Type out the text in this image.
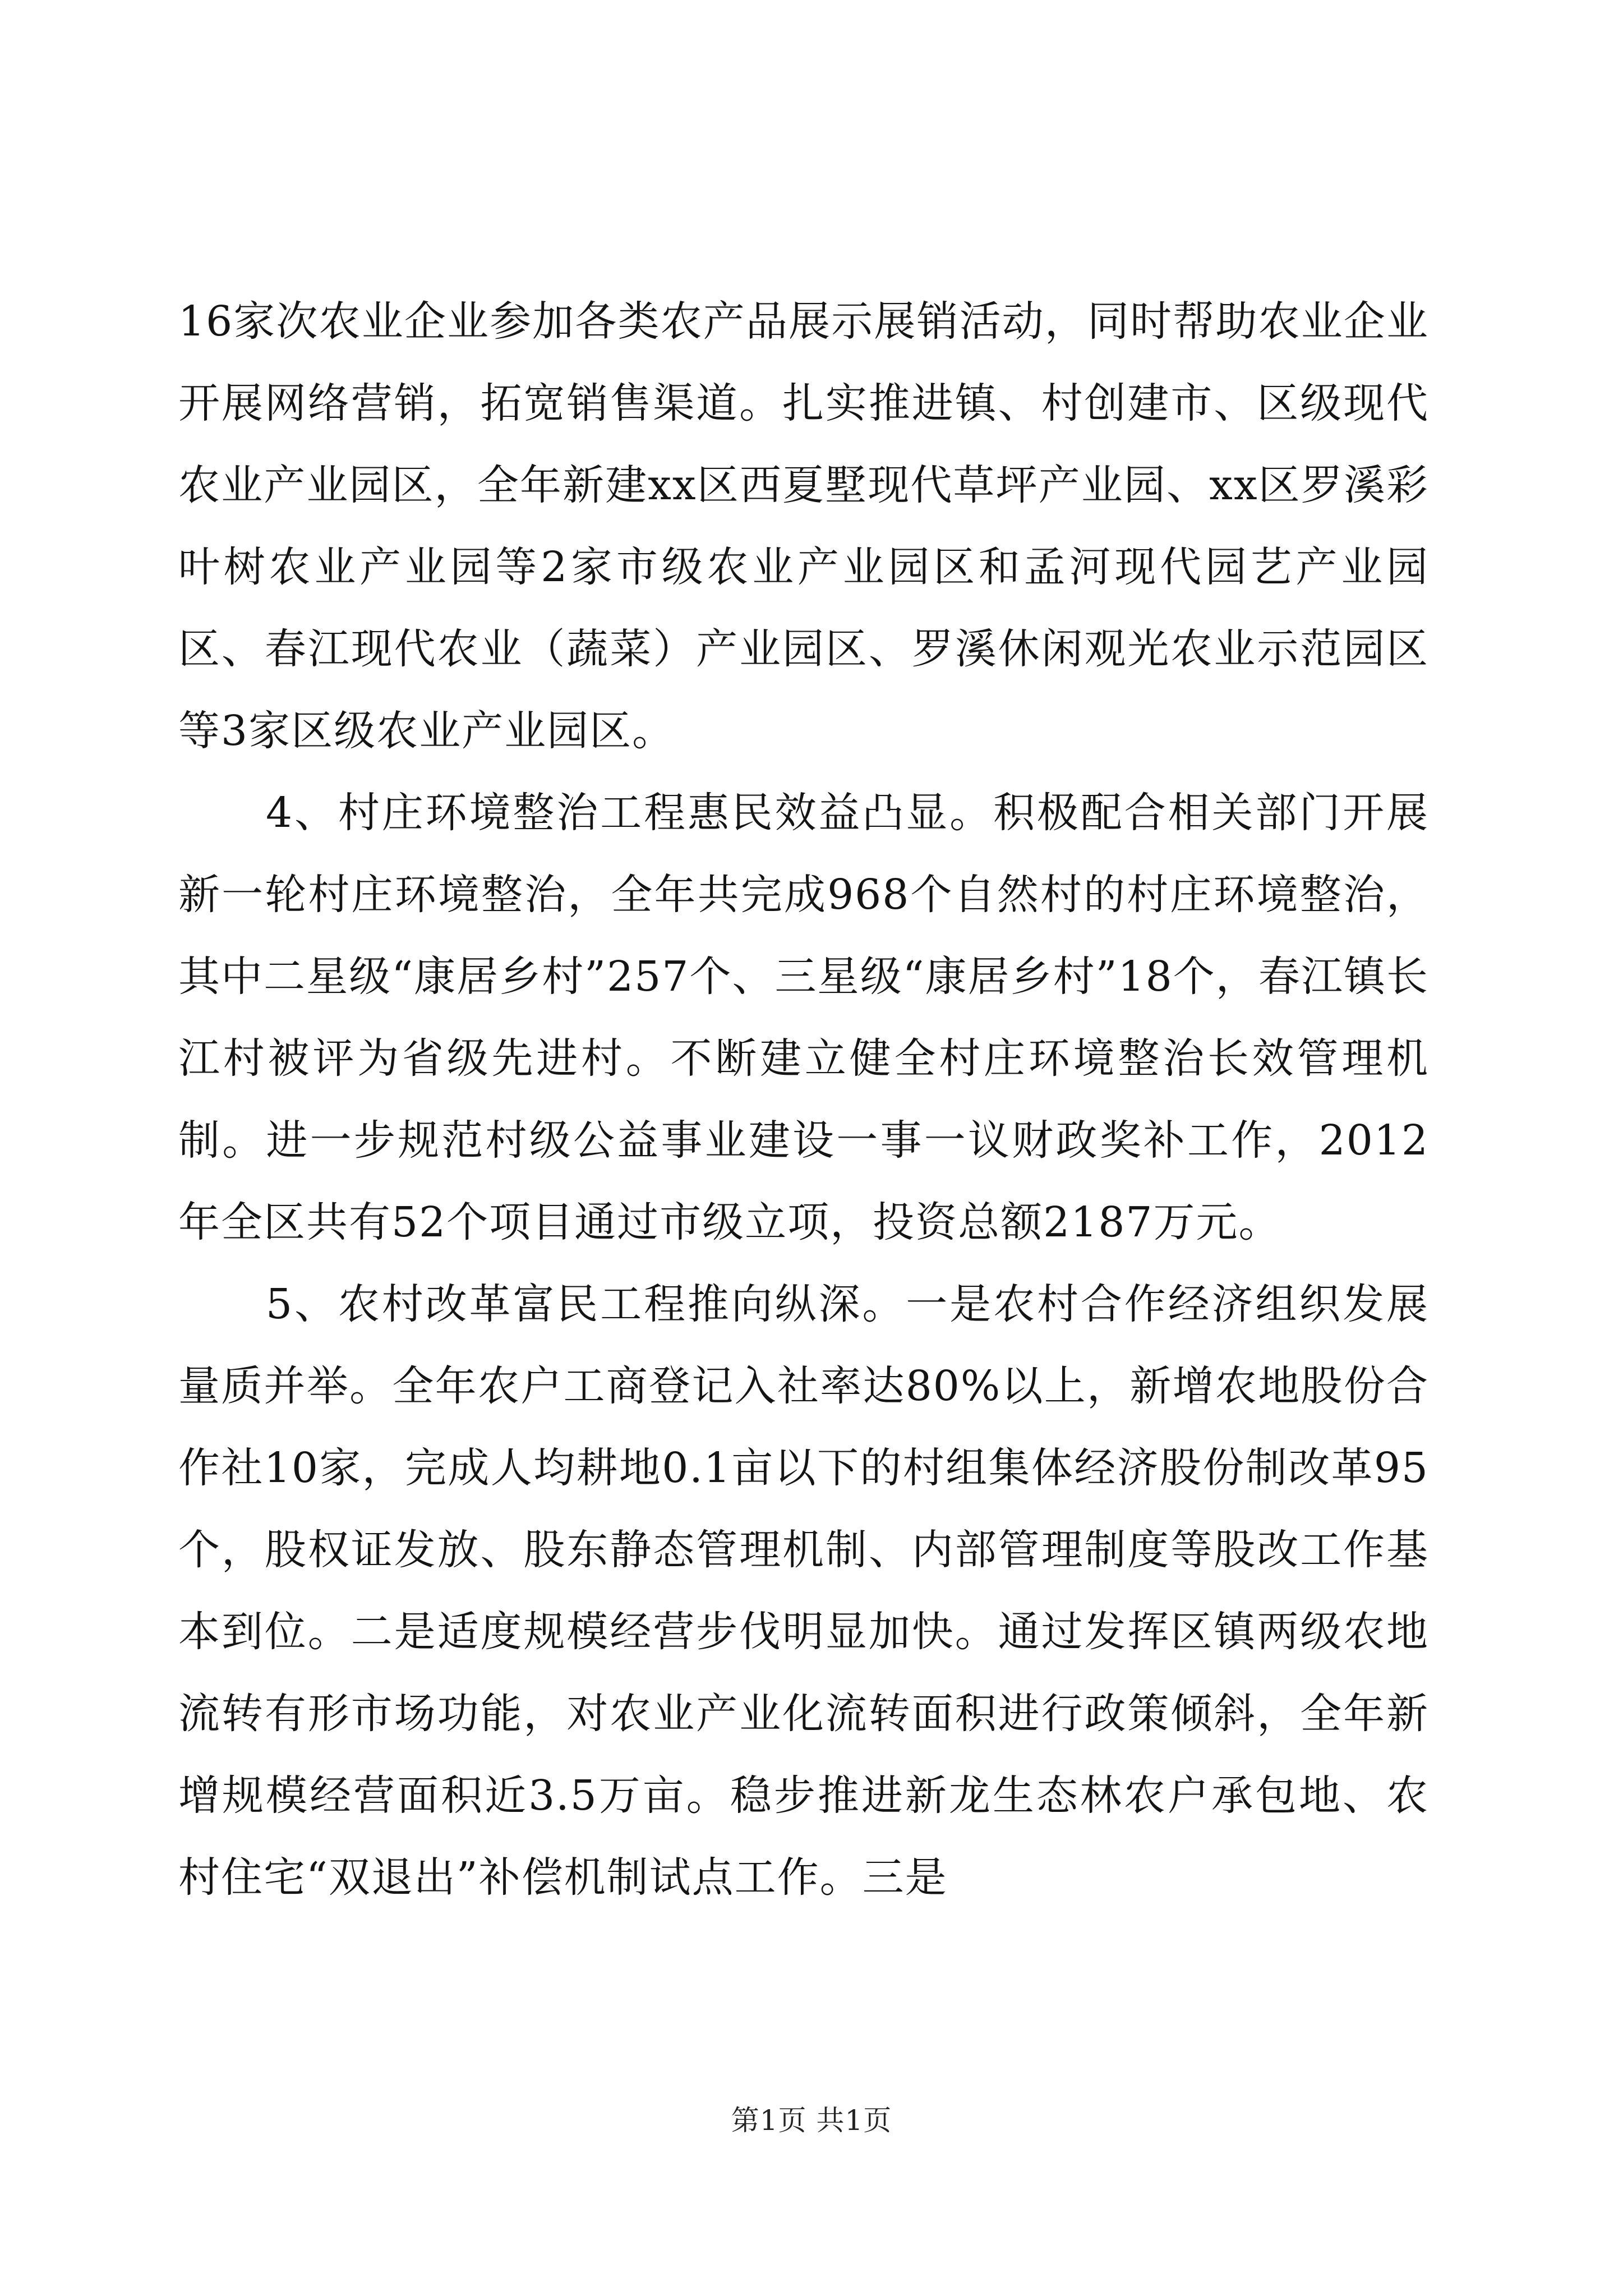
16家次农业企业参加各类农产品展示展销活动，同时帮助农业企业开展网络营销，拓宽销售渠道。扎实推进镇、村创建市、区级现代农业产业园区，全年新建xx区西夏墅现代草坪产业园、xx区罗溪彩叶树农业产业园等2家市级农业产业园区和孟河现代园艺产业园区、春江现代农业（蔬菜）产业园区、罗溪休闲观光农业示范园区等3家区级农业产业园区。

4、村庄环境整治工程惠民效益凸显。积极配合相关部门开展新一轮村庄环境整治，全年共完成968个自然村的村庄环境整治，其中二星级“康居乡村”257个、三星级“康居乡村”18个，春江镇长江村被评为省级先进村。不断建立健全村庄环境整治长效管理机制。进一步规范村级公益事业建设一事一议财政奖补工作，2012年全区共有52个项目通过市级立项，投资总额2187万元。

5、农村改革富民工程推向纵深。一是农村合作经济组织发展量质并举。全年农户工商登记入社率达80%以上，新增农地股份合作社10家，完成人均耕地0.1亩以下的村组集体经济股份制改革95个，股权证发放、股东静态管理机制、内部管理制度等股改工作基本到位。二是适度规模经营步伐明显加快。通过发挥区镇两级农地流转有形市场功能，对农业产业化流转面积进行政策倾斜，全年新增规模经营面积近3.5万亩。稳步推进新龙生态林农户承包地、农村住宅“双退出”补偿机制试点工作。三是

第1页 共1页
